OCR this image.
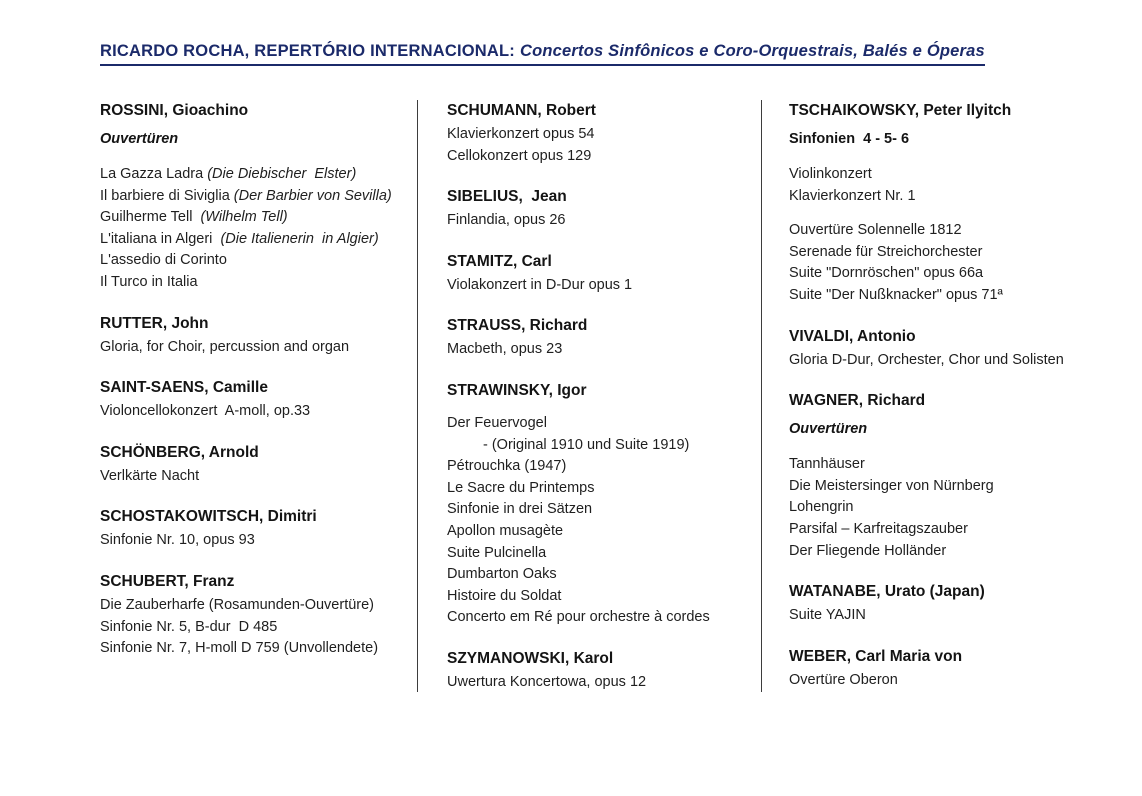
RICARDO ROCHA, REPERTÓRIO INTERNACIONAL: Concertos Sinfônicos e Coro-Orquestrais, Balés e Óperas
ROSSINI, Gioachino
Ouvertüren
La Gazza Ladra (Die Diebischer  Elster)
Il barbiere di Siviglia (Der Barbier von Sevilla)
Guilherme Tell  (Wilhelm Tell)
L'italiana in Algeri  (Die Italienerin  in Algier)
L'assedio di Corinto
Il Turco in Italia
RUTTER, John
Gloria, for Choir, percussion and organ
SAINT-SAENS, Camille
Violoncellokonzert  A-moll, op.33
SCHÖNBERG, Arnold
Verlkärte Nacht
SCHOSTAKOWITSCH, Dimitri
Sinfonie Nr. 10, opus 93
SCHUBERT, Franz
Die Zauberharfe (Rosamunden-Ouvertüre)
Sinfonie Nr. 5, B-dur  D 485
Sinfonie Nr. 7, H-moll D 759 (Unvollendete)
SCHUMANN, Robert
Klavierkonzert opus 54
Cellokonzert opus 129
SIBELIUS,  Jean
Finlandia, opus 26
STAMITZ, Carl
Violakonzert in D-Dur opus 1
STRAUSS, Richard
Macbeth, opus 23
STRAWINSKY, Igor
Der Feuervogel
- (Original 1910 und Suite 1919)
Pétrouchka (1947)
Le Sacre du Printemps
Sinfonie in drei Sätzen
Apollon musagète
Suite Pulcinella
Dumbarton Oaks
Histoire du Soldat
Concerto em Ré pour orchestre à cordes
SZYMANOWSKI, Karol
Uwertura Koncertowa, opus 12
TSCHAIKOWSKY, Peter Ilyitch
Sinfonien  4 - 5- 6
Violinkonzert
Klavierkonzert Nr. 1
Ouvertüre Solennelle 1812
Serenade für Streichorchester
Suite "Dornröschen" opus 66a
Suite "Der Nußknacker" opus 71ª
VIVALDI, Antonio
Gloria D-Dur, Orchester, Chor und Solisten
WAGNER, Richard
Ouvertüren
Tannhäuser
Die Meistersinger von Nürnberg
Lohengrin
Parsifal – Karfreitagszauber
Der Fliegende Holländer
WATANABE, Urato (Japan)
Suite YAJIN
WEBER, Carl Maria von
Overtüre Oberon
